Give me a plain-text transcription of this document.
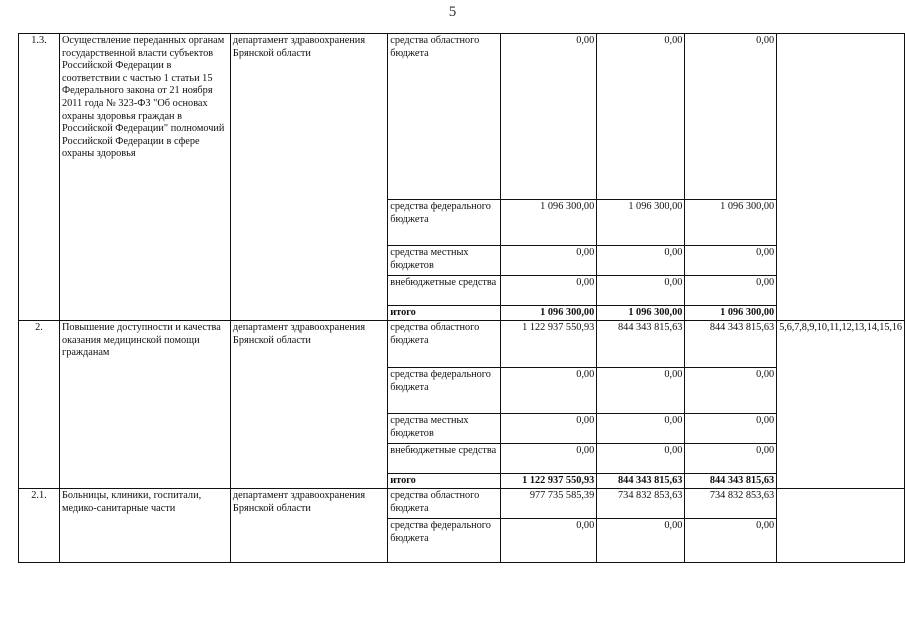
5
1.3.	Осуществление переданных органам государственной власти субъектов Российской Федерации в соответствии с частью 1 статьи 15 Федерального закона от 21 ноября 2011 года № 323-ФЗ "Об основах охраны здоровья граждан в Российской Федерации" полномочий Российской Федерации в сфере охраны здоровья	департамент здравоохранения Брянской области	средства областного бюджета	0,00	0,00	0,00	
			средства федерального бюджета	1 096 300,00	1 096 300,00	1 096 300,00	
			средства местных бюджетов	0,00	0,00	0,00	
			внебюджетные средства	0,00	0,00	0,00	
			итого	1 096 300,00	1 096 300,00	1 096 300,00	
2.	Повышение доступности и качества оказания медицинской помощи гражданам	департамент здравоохранения Брянской области	средства областного бюджета	1 122 937 550,93	844 343 815,63	844 343 815,63	5,6,7,8,9,10,11,12,13,14,15,16
			средства федерального бюджета	0,00	0,00	0,00	
			средства местных бюджетов	0,00	0,00	0,00	
			внебюджетные средства	0,00	0,00	0,00	
			итого	1 122 937 550,93	844 343 815,63	844 343 815,63	
2.1.	Больницы, клиники, госпитали, медико-санитарные части	департамент здравоохранения Брянской области	средства областного бюджета	977 735 585,39	734 832 853,63	734 832 853,63	
			средства федерального бюджета	0,00	0,00	0,00	
